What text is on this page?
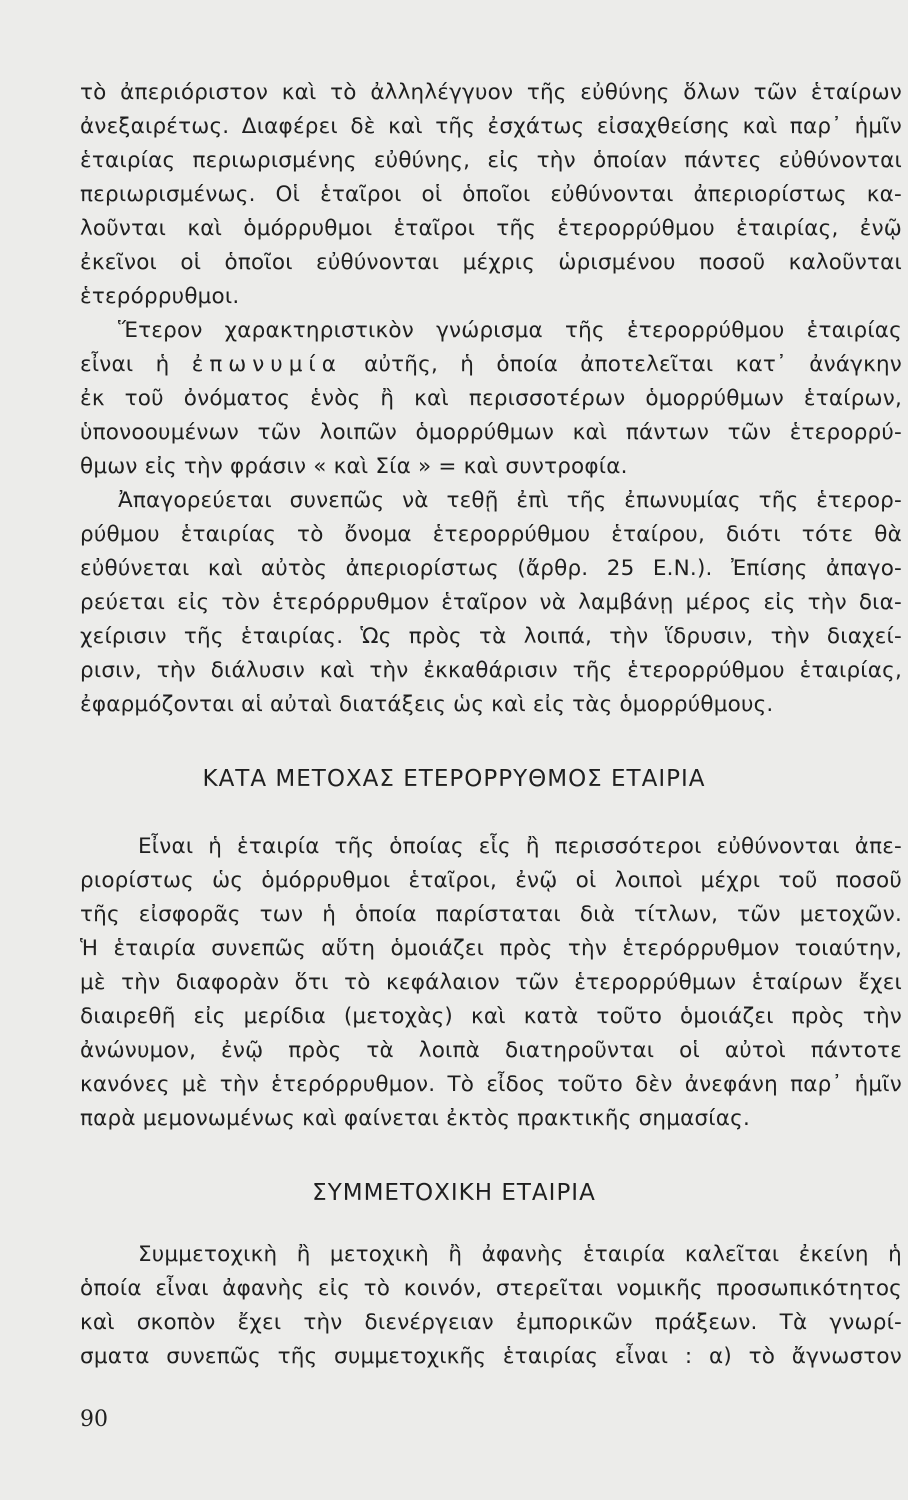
τὸ ἀπεριόριστον καὶ τὸ ἀλληλέγγυον τῆς εὐθύνης ὅλων τῶν ἑταίρων
ἀνεξαιρέτως. Διαφέρει δὲ καὶ τῆς ἐσχάτως εἰσαχθείσης καὶ παρ᾽ ἡμῖν
ἑταιρίας περιωρισμένης εὐθύνης, εἰς τὴν ὁποίαν πάντες εὐθύνονται
περιωρισμένως. Οἱ ἑταῖροι οἱ ὁποῖοι εὐθύνονται ἀπεριορίστως κα-
λοῦνται καὶ ὁμόρρυθμοι ἑταῖροι τῆς ἑτερορρύθμου ἑταιρίας, ἐνῷ
ἐκεῖνοι οἱ ὁποῖοι εὐθύνονται μέχρις ὡρισμένου ποσοῦ καλοῦνται
ἑτερόρρυθμοι.
Ἕτερον χαρακτηριστικὸν γνώρισμα τῆς ἑτερορρύθμου ἑταιρίας
εἶναι ἡ ἐπωνυμία αὐτῆς, ἡ ὁποία ἀποτελεῖται κατ᾽ ἀνάγκην
ἐκ τοῦ ὀνόματος ἑνὸς ἢ καὶ περισσοτέρων ὁμορρύθμων ἑταίρων,
ὑπονοουμένων τῶν λοιπῶν ὁμορρύθμων καὶ πάντων τῶν ἑτερορρύ-
θμων εἰς τὴν φράσιν « καὶ Σία » = καὶ συντροφία.
Ἀπαγορεύεται συνεπῶς νὰ τεθῇ ἐπὶ τῆς ἐπωνυμίας τῆς ἑτερορ-
ρύθμου ἑταιρίας τὸ ὄνομα ἑτερορρύθμου ἑταίρου, διότι τότε θὰ
εὐθύνεται καὶ αὐτὸς ἀπεριορίστως (ἄρθρ. 25 Ε.Ν.). Ἐπίσης ἀπαγο-
ρεύεται εἰς τὸν ἑτερόρρυθμον ἑταῖρον νὰ λαμβάνῃ μέρος εἰς τὴν δια-
χείρισιν τῆς ἑταιρίας. Ὡς πρὸς τὰ λοιπά, τὴν ἵδρυσιν, τὴν διαχεί-
ρισιν, τὴν διάλυσιν καὶ τὴν ἐκκαθάρισιν τῆς ἑτερορρύθμου ἑταιρίας,
ἐφαρμόζονται αἱ αὐταὶ διατάξεις ὡς καὶ εἰς τὰς ὁμορρύθμους.
ΚΑΤΑ ΜΕΤΟΧΑΣ ΕΤΕΡΟΡΡΥΘΜΟΣ ΕΤΑΙΡΙΑ
Εἶναι ἡ ἑταιρία τῆς ὁποίας εἷς ἢ περισσότεροι εὐθύνονται ἀπε-
ριορίστως ὡς ὁμόρρυθμοι ἑταῖροι, ἐνῷ οἱ λοιποὶ μέχρι τοῦ ποσοῦ
τῆς εἰσφορᾶς των ἡ ὁποία παρίσταται διὰ τίτλων, τῶν μετοχῶν.
Ἡ ἑταιρία συνεπῶς αὕτη ὁμοιάζει πρὸς τὴν ἑτερόρρυθμον τοιαύτην,
μὲ τὴν διαφορὰν ὅτι τὸ κεφάλαιον τῶν ἑτερορρύθμων ἑταίρων ἔχει
διαιρεθῆ εἰς μερίδια (μετοχὰς) καὶ κατὰ τοῦτο ὁμοιάζει πρὸς τὴν
ἀνώνυμον, ἐνῷ πρὸς τὰ λοιπὰ διατηροῦνται οἱ αὐτοὶ πάντοτε
κανόνες μὲ τὴν ἑτερόρρυθμον. Τὸ εἶδος τοῦτο δὲν ἀνεφάνη παρ᾽ ἡμῖν
παρὰ μεμονωμένως καὶ φαίνεται ἐκτὸς πρακτικῆς σημασίας.
ΣΥΜΜΕΤΟΧΙΚΗ ΕΤΑΙΡΙΑ
Συμμετοχικὴ ἢ μετοχικὴ ἢ ἀφανὴς ἑταιρία καλεῖται ἐκείνη ἡ
ὁποία εἶναι ἀφανὴς εἰς τὸ κοινόν, στερεῖται νομικῆς προσωπικότητος
καὶ σκοπὸν ἔχει τὴν διενέργειαν ἐμπορικῶν πράξεων. Τὰ γνωρί-
σματα συνεπῶς τῆς συμμετοχικῆς ἑταιρίας εἶναι : α) τὸ ἄγνωστον
90
